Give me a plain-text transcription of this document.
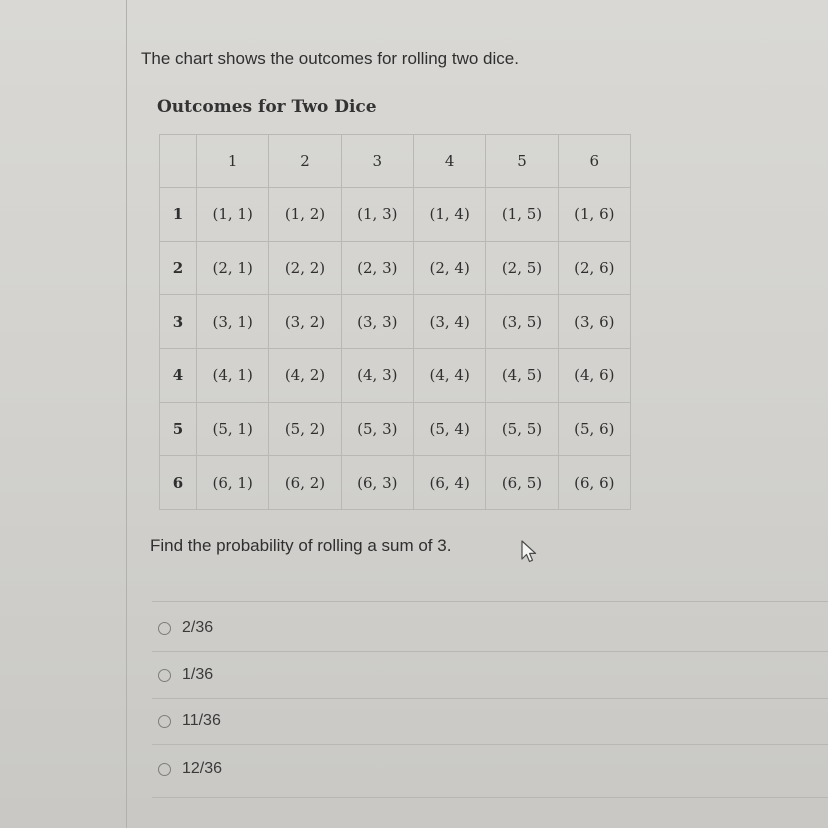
The chart shows the outcomes for rolling two dice.
Outcomes for Two Dice
	1	2	3	4	5	6
1	(1, 1)	(1, 2)	(1, 3)	(1, 4)	(1, 5)	(1, 6)
2	(2, 1)	(2, 2)	(2, 3)	(2, 4)	(2, 5)	(2, 6)
3	(3, 1)	(3, 2)	(3, 3)	(3, 4)	(3, 5)	(3, 6)
4	(4, 1)	(4, 2)	(4, 3)	(4, 4)	(4, 5)	(4, 6)
5	(5, 1)	(5, 2)	(5, 3)	(5, 4)	(5, 5)	(5, 6)
6	(6, 1)	(6, 2)	(6, 3)	(6, 4)	(6, 5)	(6, 6)
Find the probability of rolling a sum of 3.
2/36
1/36
11/36
12/36
